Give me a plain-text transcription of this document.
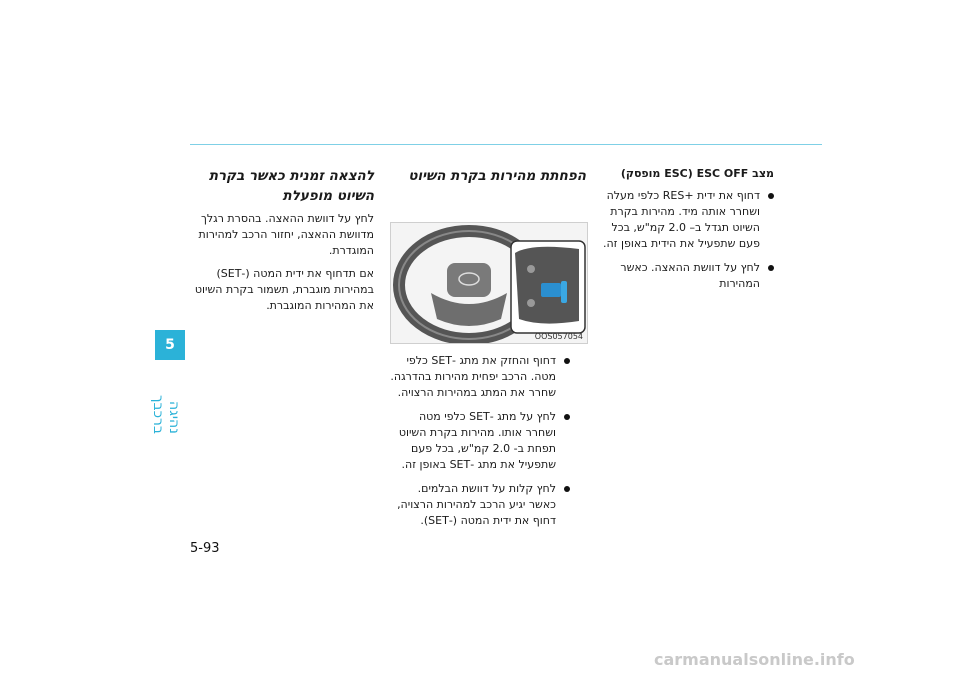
5
נהיגה ברכבך
מצב ESC OFF (ESC מופסק)
דחוף את ידית +RES כלפי מעלה ושחרר אותה מיד. מהירות בקרת השיוט תגדל ב– 2.0 קמ"ש, בכל פעם שתפעיל את הידית באופן זה.
לחץ על דוושת ההאצה. כאשר המהירות
הפחתת מהירות בקרת השיוט
OOS057054
דחוף והחזק את מתג -SET כלפי מטה. הרכב יפחית מהירות בהדרגה. שחרר את המתג במהירות הרצויה.
לחץ על מתג -SET כלפי מטה ושחרר אותו. מהירות בקרת השיוט תפחת ב- 2.0 קמ"ש, בכל פעם שתפעיל את מתג -SET באופן זה.
לחץ קלות על דוושת הבלמים. כאשר יגיע הרכב למהירות הרצויה, דחוף את ידית המטה (-SET).
להצאה זמנית כאשר בקרת השיוט מופעלת

לחץ על דוושת ההאצה. בהסרת רגלך מדוושת ההאצה, יחזור הרכב למהירות המוגדרת.

אם תדחוף את ידית המטה (-SET) במהירות מוגברת, תשמור בקרת השיוט את המהירות המוגברת.

5-93
carmanualsonline.info
